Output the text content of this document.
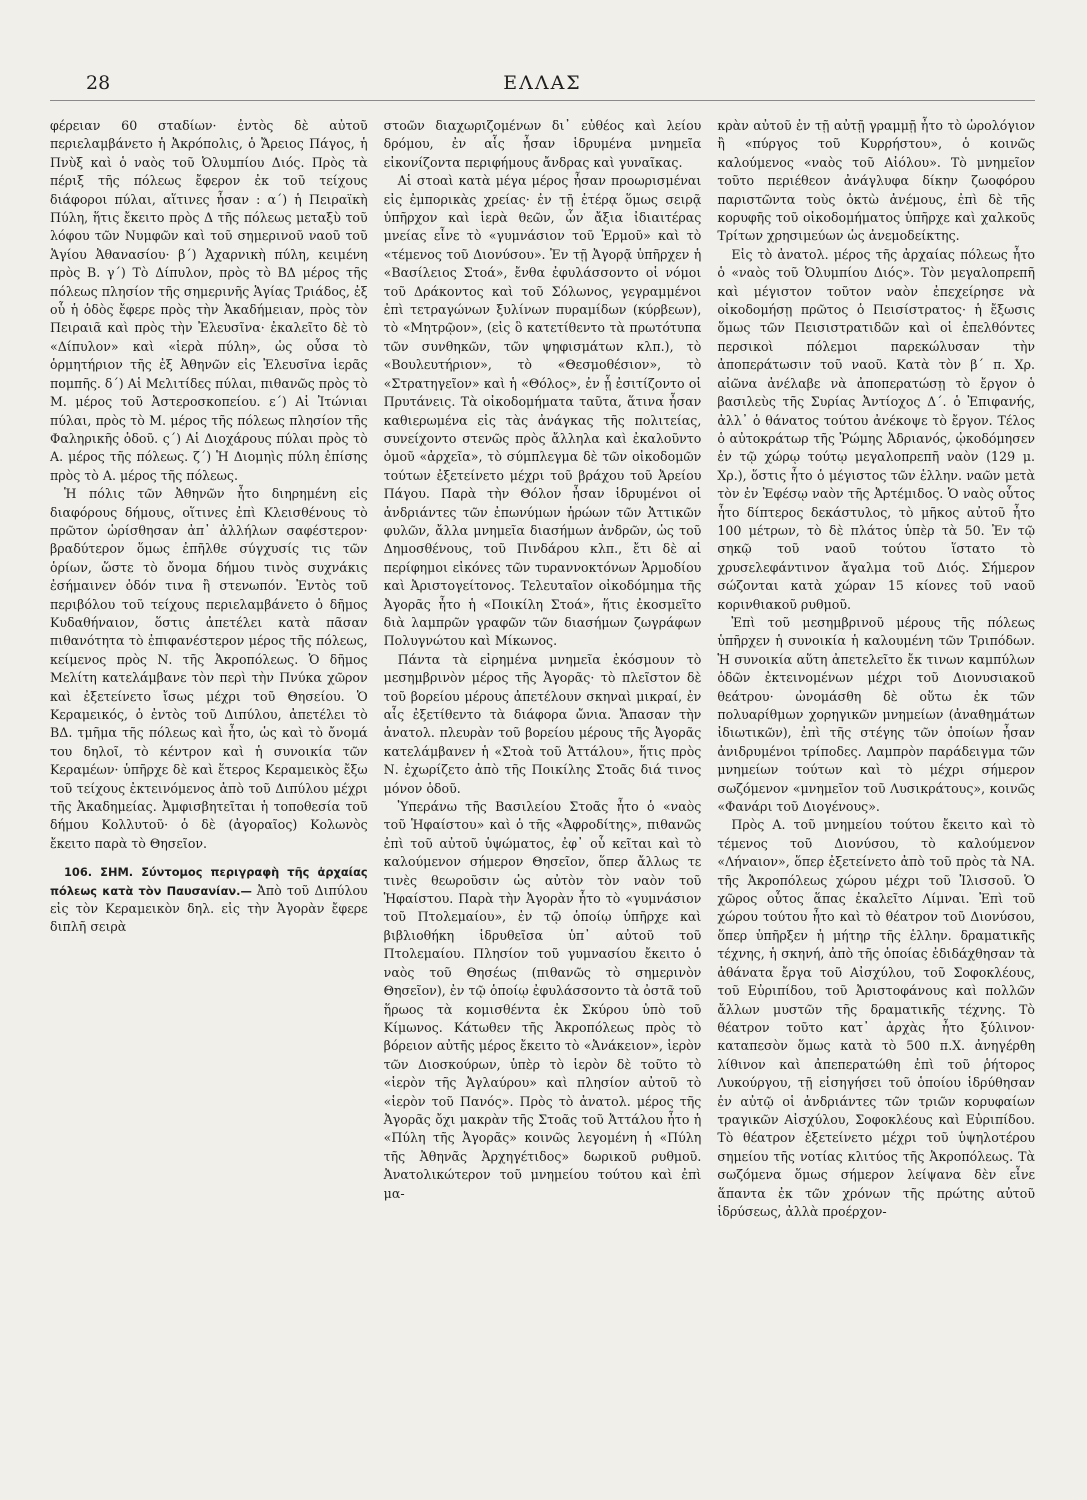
28	ΕΛΛΑΣ

φέρειαν 60 σταδίων· ἐντὸς δὲ αὐτοῦ περιελαμβάνετο ἡ Ἀκρόπολις, ὁ Ἄρειος Πάγος, ἡ Πνὺξ καὶ ὁ ναὸς τοῦ Ὀλυμπίου Διός. Πρὸς τὰ πέριξ τῆς πόλεως ἔφερον ἐκ τοῦ τείχους διάφοροι πύλαι, αἵτινες ἦσαν : α΄) ἡ Πειραϊκὴ Πύλη, ἥτις ἔκειτο πρὸς Δ τῆς πόλεως μεταξὺ τοῦ λόφου τῶν Νυμφῶν καὶ τοῦ σημερινοῦ ναοῦ τοῦ Ἁγίου Ἀθανασίου· β΄) Ἀχαρνικὴ πύλη, κειμένη πρὸς Β. γ΄) Τὸ Δίπυλον, πρὸς τὸ ΒΔ μέρος τῆς πόλεως πλησίον τῆς σημερινῆς Ἁγίας Τριάδος, ἐξ οὗ ἡ ὁδὸς ἔφερε πρὸς τὴν Ἀκαδήμειαν, πρὸς τὸν Πειραιᾶ καὶ πρὸς τὴν Ἐλευσῖνα· ἐκαλεῖτο δὲ τὸ «Δίπυλον» καὶ «ἱερὰ πύλη», ὡς οὖσα τὸ ὁρμητήριον τῆς ἐξ Ἀθηνῶν εἰς Ἐλευσῖνα ἱερᾶς πομπῆς. δ΄) Αἱ Μελιτίδες πύλαι, πιθανῶς πρὸς τὸ Μ. μέρος τοῦ Ἀστεροσκοπείου. ε΄) Αἱ Ἰτώνιαι πύλαι, πρὸς τὸ Μ. μέρος τῆς πόλεως πλησίον τῆς Φαληρικῆς ὁδοῦ. ς΄) Αἱ Διοχάρους πύλαι πρὸς τὸ Α. μέρος τῆς πόλεως. ζ΄) Ἡ Διομηὶς πύλη ἐπίσης πρὸς τὸ Α. μέρος τῆς πόλεως.

Ἡ πόλις τῶν Ἀθηνῶν ἦτο διηρημένη εἰς διαφόρους δήμους, οἵτινες ἐπὶ Κλεισθένους τὸ πρῶτον ὡρίσθησαν ἀπ᾽ ἀλλήλων σαφέστερον· βραδύτερον ὅμως ἐπῆλθε σύγχυσίς τις τῶν ὁρίων, ὥστε τὸ ὄνομα δήμου τινὸς συχνάκις ἐσήμαινεν ὁδόν τινα ἢ στενωπόν. Ἐντὸς τοῦ περιβόλου τοῦ τείχους περιελαμβάνετο ὁ δῆμος Κυδαθήναιον, ὅστις ἀπετέλει κατὰ πᾶσαν πιθανότητα τὸ ἐπιφανέστερον μέρος τῆς πόλεως, κείμενος πρὸς Ν. τῆς Ἀκροπόλεως. Ὁ δῆμος Μελίτη κατελάμβανε τὸν περὶ τὴν Πνύκα χῶρον καὶ ἐξετείνετο ἴσως μέχρι τοῦ Θησείου. Ὁ Κεραμεικός, ὁ ἐντὸς τοῦ Διπύλου, ἀπετέλει τὸ ΒΔ. τμῆμα τῆς πόλεως καὶ ἦτο, ὡς καὶ τὸ ὄνομά του δηλοῖ, τὸ κέντρον καὶ ἡ συνοικία τῶν Κεραμέων· ὑπῆρχε δὲ καὶ ἕτερος Κεραμεικὸς ἔξω τοῦ τείχους ἐκτεινόμενος ἀπὸ τοῦ Διπύλου μέχρι τῆς Ἀκαδημείας. Ἀμφισβητεῖται ἡ τοποθεσία τοῦ δήμου Κολλυτοῦ· ὁ δὲ (ἀγοραῖος) Κολωνὸς ἔκειτο παρὰ τὸ Θησεῖον.

106. ΣΗΜ. Σύντομος περιγραφὴ τῆς ἀρχαίας πόλεως κατὰ τὸν Παυσανίαν.— Ἀπὸ τοῦ Διπύλου εἰς τὸν Κεραμεικὸν δηλ. εἰς τὴν Ἀγορὰν ἔφερε διπλῆ σειρὰ

στοῶν διαχωριζομένων δι᾽ εὐθέος καὶ λείου δρόμου, ἐν αἷς ἦσαν ἱδρυμένα μνημεῖα εἰκονίζοντα περιφήμους ἄνδρας καὶ γυναῖκας.

Αἱ στοαὶ κατὰ μέγα μέρος ἦσαν προωρισμέναι εἰς ἐμπορικὰς χρείας· ἐν τῇ ἑτέρᾳ ὅμως σειρᾷ ὑπῆρχον καὶ ἱερὰ θεῶν, ὧν ἄξια ἰδιαιτέρας μνείας εἶνε τὸ «γυμνάσιον τοῦ Ἑρμοῦ» καὶ τὸ «τέμενος τοῦ Διονύσου». Ἐν τῇ Ἀγορᾷ ὑπῆρχεν ἡ «Βασίλειος Στοά», ἔνθα ἐφυλάσσοντο οἱ νόμοι τοῦ Δράκοντος καὶ τοῦ Σόλωνος, γεγραμμένοι ἐπὶ τετραγώνων ξυλίνων πυραμίδων (κύρβεων), τὸ «Μητρῷον», (εἰς ὃ κατετίθεντο τὰ πρωτότυπα τῶν συνθηκῶν, τῶν ψηφισμάτων κλπ.), τὸ «Βουλευτήριον», τὸ «Θεσμοθέσιον», τὸ «Στρατηγεῖον» καὶ ἡ «Θόλος», ἐν ᾗ ἐσιτίζοντο οἱ Πρυτάνεις. Τὰ οἰκοδομήματα ταῦτα, ἅτινα ἦσαν καθιερωμένα εἰς τὰς ἀνάγκας τῆς πολιτείας, συνείχοντο στενῶς πρὸς ἄλληλα καὶ ἐκαλοῦντο ὁμοῦ «ἀρχεῖα», τὸ σύμπλεγμα δὲ τῶν οἰκοδομῶν τούτων ἐξετείνετο μέχρι τοῦ βράχου τοῦ Ἀρείου Πάγου. Παρὰ τὴν Θόλον ἦσαν ἱδρυμένοι οἱ ἀνδριάντες τῶν ἐπωνύμων ἡρώων τῶν Ἀττικῶν φυλῶν, ἄλλα μνημεῖα διασήμων ἀνδρῶν, ὡς τοῦ Δημοσθένους, τοῦ Πινδάρου κλπ., ἔτι δὲ αἱ περίφημοι εἰκόνες τῶν τυραννοκτόνων Ἁρμοδίου καὶ Ἀριστογείτονος. Τελευταῖον οἰκοδόμημα τῆς Ἀγορᾶς ἦτο ἡ «Ποικίλη Στοά», ἥτις ἐκοσμεῖτο διὰ λαμπρῶν γραφῶν τῶν διασήμων ζωγράφων Πολυγνώτου καὶ Μίκωνος.

Πάντα τὰ εἰρημένα μνημεῖα ἐκόσμουν τὸ μεσημβρινὸν μέρος τῆς Ἀγορᾶς· τὸ πλεῖστον δὲ τοῦ βορείου μέρους ἀπετέλουν σκηναὶ μικραί, ἐν αἷς ἐξετίθεντο τὰ διάφορα ὤνια. Ἄπασαν τὴν ἀνατολ. πλευρὰν τοῦ βορείου μέρους τῆς Ἀγορᾶς κατελάμβανεν ἡ «Στοὰ τοῦ Ἀττάλου», ἥτις πρὸς Ν. ἐχωρίζετο ἀπὸ τῆς Ποικίλης Στοᾶς διά τινος μόνον ὁδοῦ.

Ὑπεράνω τῆς Βασιλείου Στοᾶς ἦτο ὁ «ναὸς τοῦ Ἡφαίστου» καὶ ὁ τῆς «Ἀφροδίτης», πιθανῶς ἐπὶ τοῦ αὐτοῦ ὑψώματος, ἐφ᾽ οὗ κεῖται καὶ τὸ καλούμενον σήμερον Θησεῖον, ὅπερ ἄλλως τε τινὲς θεωροῦσιν ὡς αὐτὸν τὸν ναὸν τοῦ Ἡφαίστου. Παρὰ τὴν Ἀγορὰν ἦτο τὸ «γυμνάσιον τοῦ Πτολεμαίου», ἐν τῷ ὁποίῳ ὑπῆρχε καὶ βιβλιοθήκη ἱδρυθεῖσα ὑπ᾽ αὐτοῦ τοῦ Πτολεμαίου. Πλησίον τοῦ γυμνασίου ἔκειτο ὁ ναὸς τοῦ Θησέως (πιθανῶς τὸ σημερινὸν Θησεῖον), ἐν τῷ ὁποίῳ ἐφυλάσσοντο τὰ ὀστᾶ τοῦ ἥρωος τὰ κομισθέντα ἐκ Σκύρου ὑπὸ τοῦ Κίμωνος. Κάτωθεν τῆς Ἀκροπόλεως πρὸς τὸ βόρειον αὐτῆς μέρος ἔκειτο τὸ «Ἀνάκειον», ἱερὸν τῶν Διοσκούρων, ὑπὲρ τὸ ἱερὸν δὲ τοῦτο τὸ «ἱερὸν τῆς Ἀγλαύρου» καὶ πλησίον αὐτοῦ τὸ «ἱερὸν τοῦ Πανός». Πρὸς τὸ ἀνατολ. μέρος τῆς Ἀγορᾶς ὄχι μακρὰν τῆς Στοᾶς τοῦ Ἀττάλου ἦτο ἡ «Πύλη τῆς Ἀγορᾶς» κοινῶς λεγομένη ἡ «Πύλη τῆς Ἀθηνᾶς Ἀρχηγέτιδος» δωρικοῦ ρυθμοῦ. Ἀνατολικώτερον τοῦ μνημείου τούτου καὶ ἐπὶ μα-

κρὰν αὐτοῦ ἐν τῇ αὐτῇ γραμμῇ ἦτο τὸ ὡρολόγιον ἢ «πύργος τοῦ Κυρρήστου», ὁ κοινῶς καλούμενος «ναὸς τοῦ Αἰόλου». Τὸ μνημεῖον τοῦτο περιέθεον ἀνάγλυφα δίκην ζωοφόρου παριστῶντα τοὺς ὀκτὼ ἀνέμους, ἐπὶ δὲ τῆς κορυφῆς τοῦ οἰκοδομήματος ὑπῆρχε καὶ χαλκοῦς Τρίτων χρησιμεύων ὡς ἀνεμοδείκτης.

Εἰς τὸ ἀνατολ. μέρος τῆς ἀρχαίας πόλεως ἦτο ὁ «ναὸς τοῦ Ὀλυμπίου Διός». Τὸν μεγαλοπρεπῆ καὶ μέγιστον τοῦτον ναὸν ἐπεχείρησε νὰ οἰκοδομήσῃ πρῶτος ὁ Πεισίστρατος· ἡ ἔξωσις ὅμως τῶν Πεισιστρατιδῶν καὶ οἱ ἐπελθόντες περσικοὶ πόλεμοι παρεκώλυσαν τὴν ἀποπεράτωσιν τοῦ ναοῦ. Κατὰ τὸν β΄ π. Χρ. αἰῶνα ἀνέλαβε νὰ ἀποπερατώσῃ τὸ ἔργον ὁ βασιλεὺς τῆς Συρίας Ἀντίοχος Δ΄. ὁ Ἐπιφανής, ἀλλ᾽ ὁ θάνατος τούτου ἀνέκοψε τὸ ἔργον. Τέλος ὁ αὐτοκράτωρ τῆς Ῥώμης Ἀδριανός, ᾠκοδόμησεν ἐν τῷ χώρῳ τούτῳ μεγαλοπρεπῆ ναὸν (129 μ. Χρ.), ὅστις ἦτο ὁ μέγιστος τῶν ἑλλην. ναῶν μετὰ τὸν ἐν Ἐφέσῳ ναὸν τῆς Ἀρτέμιδος. Ὁ ναὸς οὗτος ἦτο δίπτερος δεκάστυλος, τὸ μῆκος αὐτοῦ ἦτο 100 μέτρων, τὸ δὲ πλάτος ὑπὲρ τὰ 50. Ἐν τῷ σηκῷ τοῦ ναοῦ τούτου ἵστατο τὸ χρυσελεφάντινον ἄγαλμα τοῦ Διός. Σήμερον σώζονται κατὰ χώραν 15 κίονες τοῦ ναοῦ κορινθιακοῦ ρυθμοῦ.

Ἐπὶ τοῦ μεσημβρινοῦ μέρους τῆς πόλεως ὑπῆρχεν ἡ συνοικία ἡ καλουμένη τῶν Τριπόδων. Ἡ συνοικία αὕτη ἀπετελεῖτο ἔκ τινων καμπύλων ὁδῶν ἐκτεινομένων μέχρι τοῦ Διονυσιακοῦ θεάτρου· ὠνομάσθη δὲ οὕτω ἐκ τῶν πολυαρίθμων χορηγικῶν μνημείων (ἀναθημάτων ἰδιωτικῶν), ἐπὶ τῆς στέγης τῶν ὁποίων ἦσαν ἀνιδρυμένοι τρίποδες. Λαμπρὸν παράδειγμα τῶν μνημείων τούτων καὶ τὸ μέχρι σήμερον σωζόμενον «μνημεῖον τοῦ Λυσικράτους», κοινῶς «Φανάρι τοῦ Διογένους».

Πρὸς Α. τοῦ μνημείου τούτου ἔκειτο καὶ τὸ τέμενος τοῦ Διονύσου, τὸ καλούμενον «Λήναιον», ὅπερ ἐξετείνετο ἀπὸ τοῦ πρὸς τὰ ΝΑ. τῆς Ἀκροπόλεως χώρου μέχρι τοῦ Ἰλισσοῦ. Ὁ χῶρος οὗτος ἅπας ἐκαλεῖτο Λίμναι. Ἐπὶ τοῦ χώρου τούτου ἦτο καὶ τὸ θέατρον τοῦ Διονύσου, ὅπερ ὑπῆρξεν ἡ μήτηρ τῆς ἑλλην. δραματικῆς τέχνης, ἡ σκηνή, ἀπὸ τῆς ὁποίας ἐδιδάχθησαν τὰ ἀθάνατα ἔργα τοῦ Αἰσχύλου, τοῦ Σοφοκλέους, τοῦ Εὐριπίδου, τοῦ Ἀριστοφάνους καὶ πολλῶν ἄλλων μυστῶν τῆς δραματικῆς τέχνης. Τὸ θέατρον τοῦτο κατ᾽ ἀρχὰς ἦτο ξύλινον· καταπεσὸν ὅμως κατὰ τὸ 500 π.Χ. ἀνηγέρθη λίθινον καὶ ἀπεπερατώθη ἐπὶ τοῦ ῥήτορος Λυκούργου, τῇ εἰσηγήσει τοῦ ὁποίου ἱδρύθησαν ἐν αὐτῷ οἱ ἀνδριάντες τῶν τριῶν κορυφαίων τραγικῶν Αἰσχύλου, Σοφοκλέους καὶ Εὐριπίδου. Τὸ θέατρον ἐξετείνετο μέχρι τοῦ ὑψηλοτέρου σημείου τῆς νοτίας κλιτύος τῆς Ἀκροπόλεως. Τὰ σωζόμενα ὅμως σήμερον λείψανα δὲν εἶνε ἅπαντα ἐκ τῶν χρόνων τῆς πρώτης αὐτοῦ ἱδρύσεως, ἀλλὰ προέρχον-
